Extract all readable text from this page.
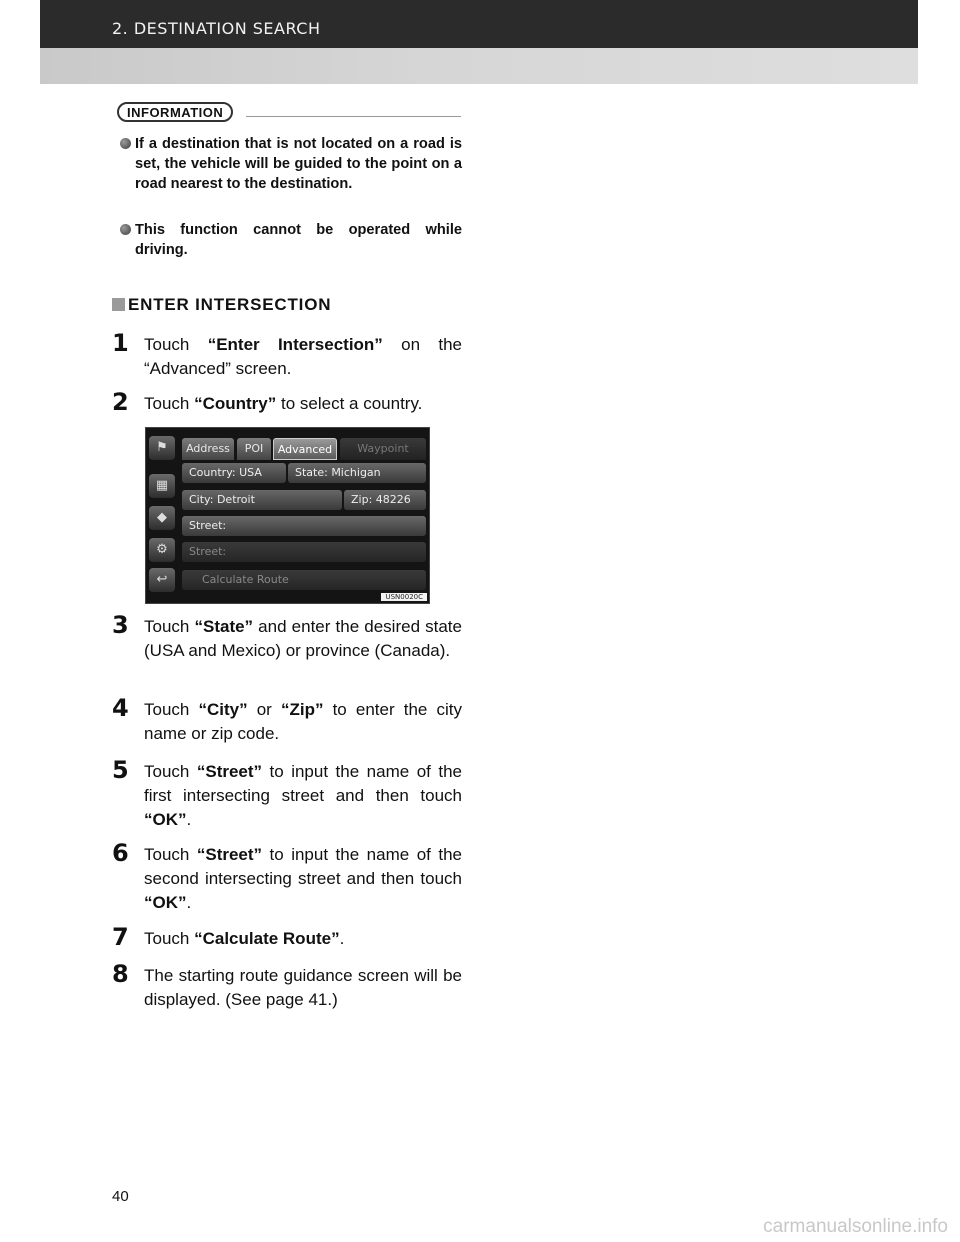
2. DESTINATION SEARCH
INFORMATION
If a destination that is not located on a road is set, the vehicle will be guided to the point on a road nearest to the destination.
This function cannot be operated while driving.
ENTER INTERSECTION
1 Touch “Enter Intersection” on the “Advanced” screen.
2 Touch “Country” to select a country.
⚑
▦
◆
⚙
↩
Address	POI	Advanced	Waypoint
Country: USA	State: Michigan
City: Detroit	Zip: 48226
Street:
Street:
Calculate Route
USN0020C
3 Touch “State” and enter the desired state (USA and Mexico) or province (Canada).
4 Touch “City” or “Zip” to enter the city name or zip code.
5 Touch “Street” to input the name of the first intersecting street and then touch “OK”.
6 Touch “Street” to input the name of the second intersecting street and then touch “OK”.
7 Touch “Calculate Route”.
8 The starting route guidance screen will be displayed. (See page 41.)
40
carmanualsonline.info
